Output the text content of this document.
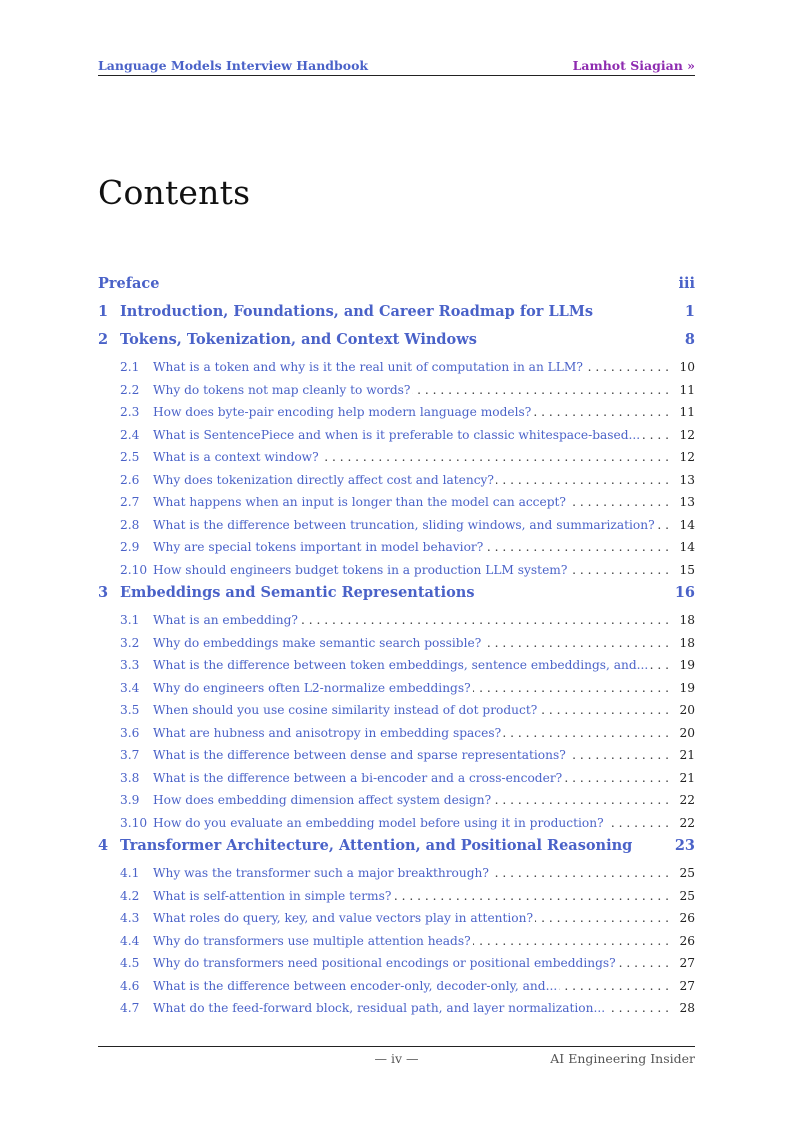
Language Models Interview Handbook	Lamhot Siagian »
Contents
Preface	iii
1 Introduction, Foundations, and Career Roadmap for LLMs	1
2 Tokens, Tokenization, and Context Windows	8
2.1 What is a token and why is it the real unit of computation in an LLM? . . .	10
2.2 Why do tokens not map cleanly to words? . . .	11
2.3 How does byte-pair encoding help modern language models? . . .	11
2.4 What is SentencePiece and when is it preferable to classic whitespace-based... . . .	12
2.5 What is a context window? . . .	12
2.6 Why does tokenization directly affect cost and latency? . . .	13
2.7 What happens when an input is longer than the model can accept? . . .	13
2.8 What is the difference between truncation, sliding windows, and summarization? . . .	14
2.9 Why are special tokens important in model behavior? . . .	14
2.10 How should engineers budget tokens in a production LLM system? . . .	15
3 Embeddings and Semantic Representations	16
3.1 What is an embedding? . . .	18
3.2 Why do embeddings make semantic search possible? . . .	18
3.3 What is the difference between token embeddings, sentence embeddings, and... . . .	19
3.4 Why do engineers often L2-normalize embeddings? . . .	19
3.5 When should you use cosine similarity instead of dot product? . . .	20
3.6 What are hubness and anisotropy in embedding spaces? . . .	20
3.7 What is the difference between dense and sparse representations? . . .	21
3.8 What is the difference between a bi-encoder and a cross-encoder? . . .	21
3.9 How does embedding dimension affect system design? . . .	22
3.10 How do you evaluate an embedding model before using it in production? . . .	22
4 Transformer Architecture, Attention, and Positional Reasoning	23
4.1 Why was the transformer such a major breakthrough? . . .	25
4.2 What is self-attention in simple terms? . . .	25
4.3 What roles do query, key, and value vectors play in attention? . . .	26
4.4 Why do transformers use multiple attention heads? . . .	26
4.5 Why do transformers need positional encodings or positional embeddings? . . .	27
4.6 What is the difference between encoder-only, decoder-only, and... . . .	27
4.7 What do the feed-forward block, residual path, and layer normalization... . . .	28
— iv —	AI Engineering Insider
